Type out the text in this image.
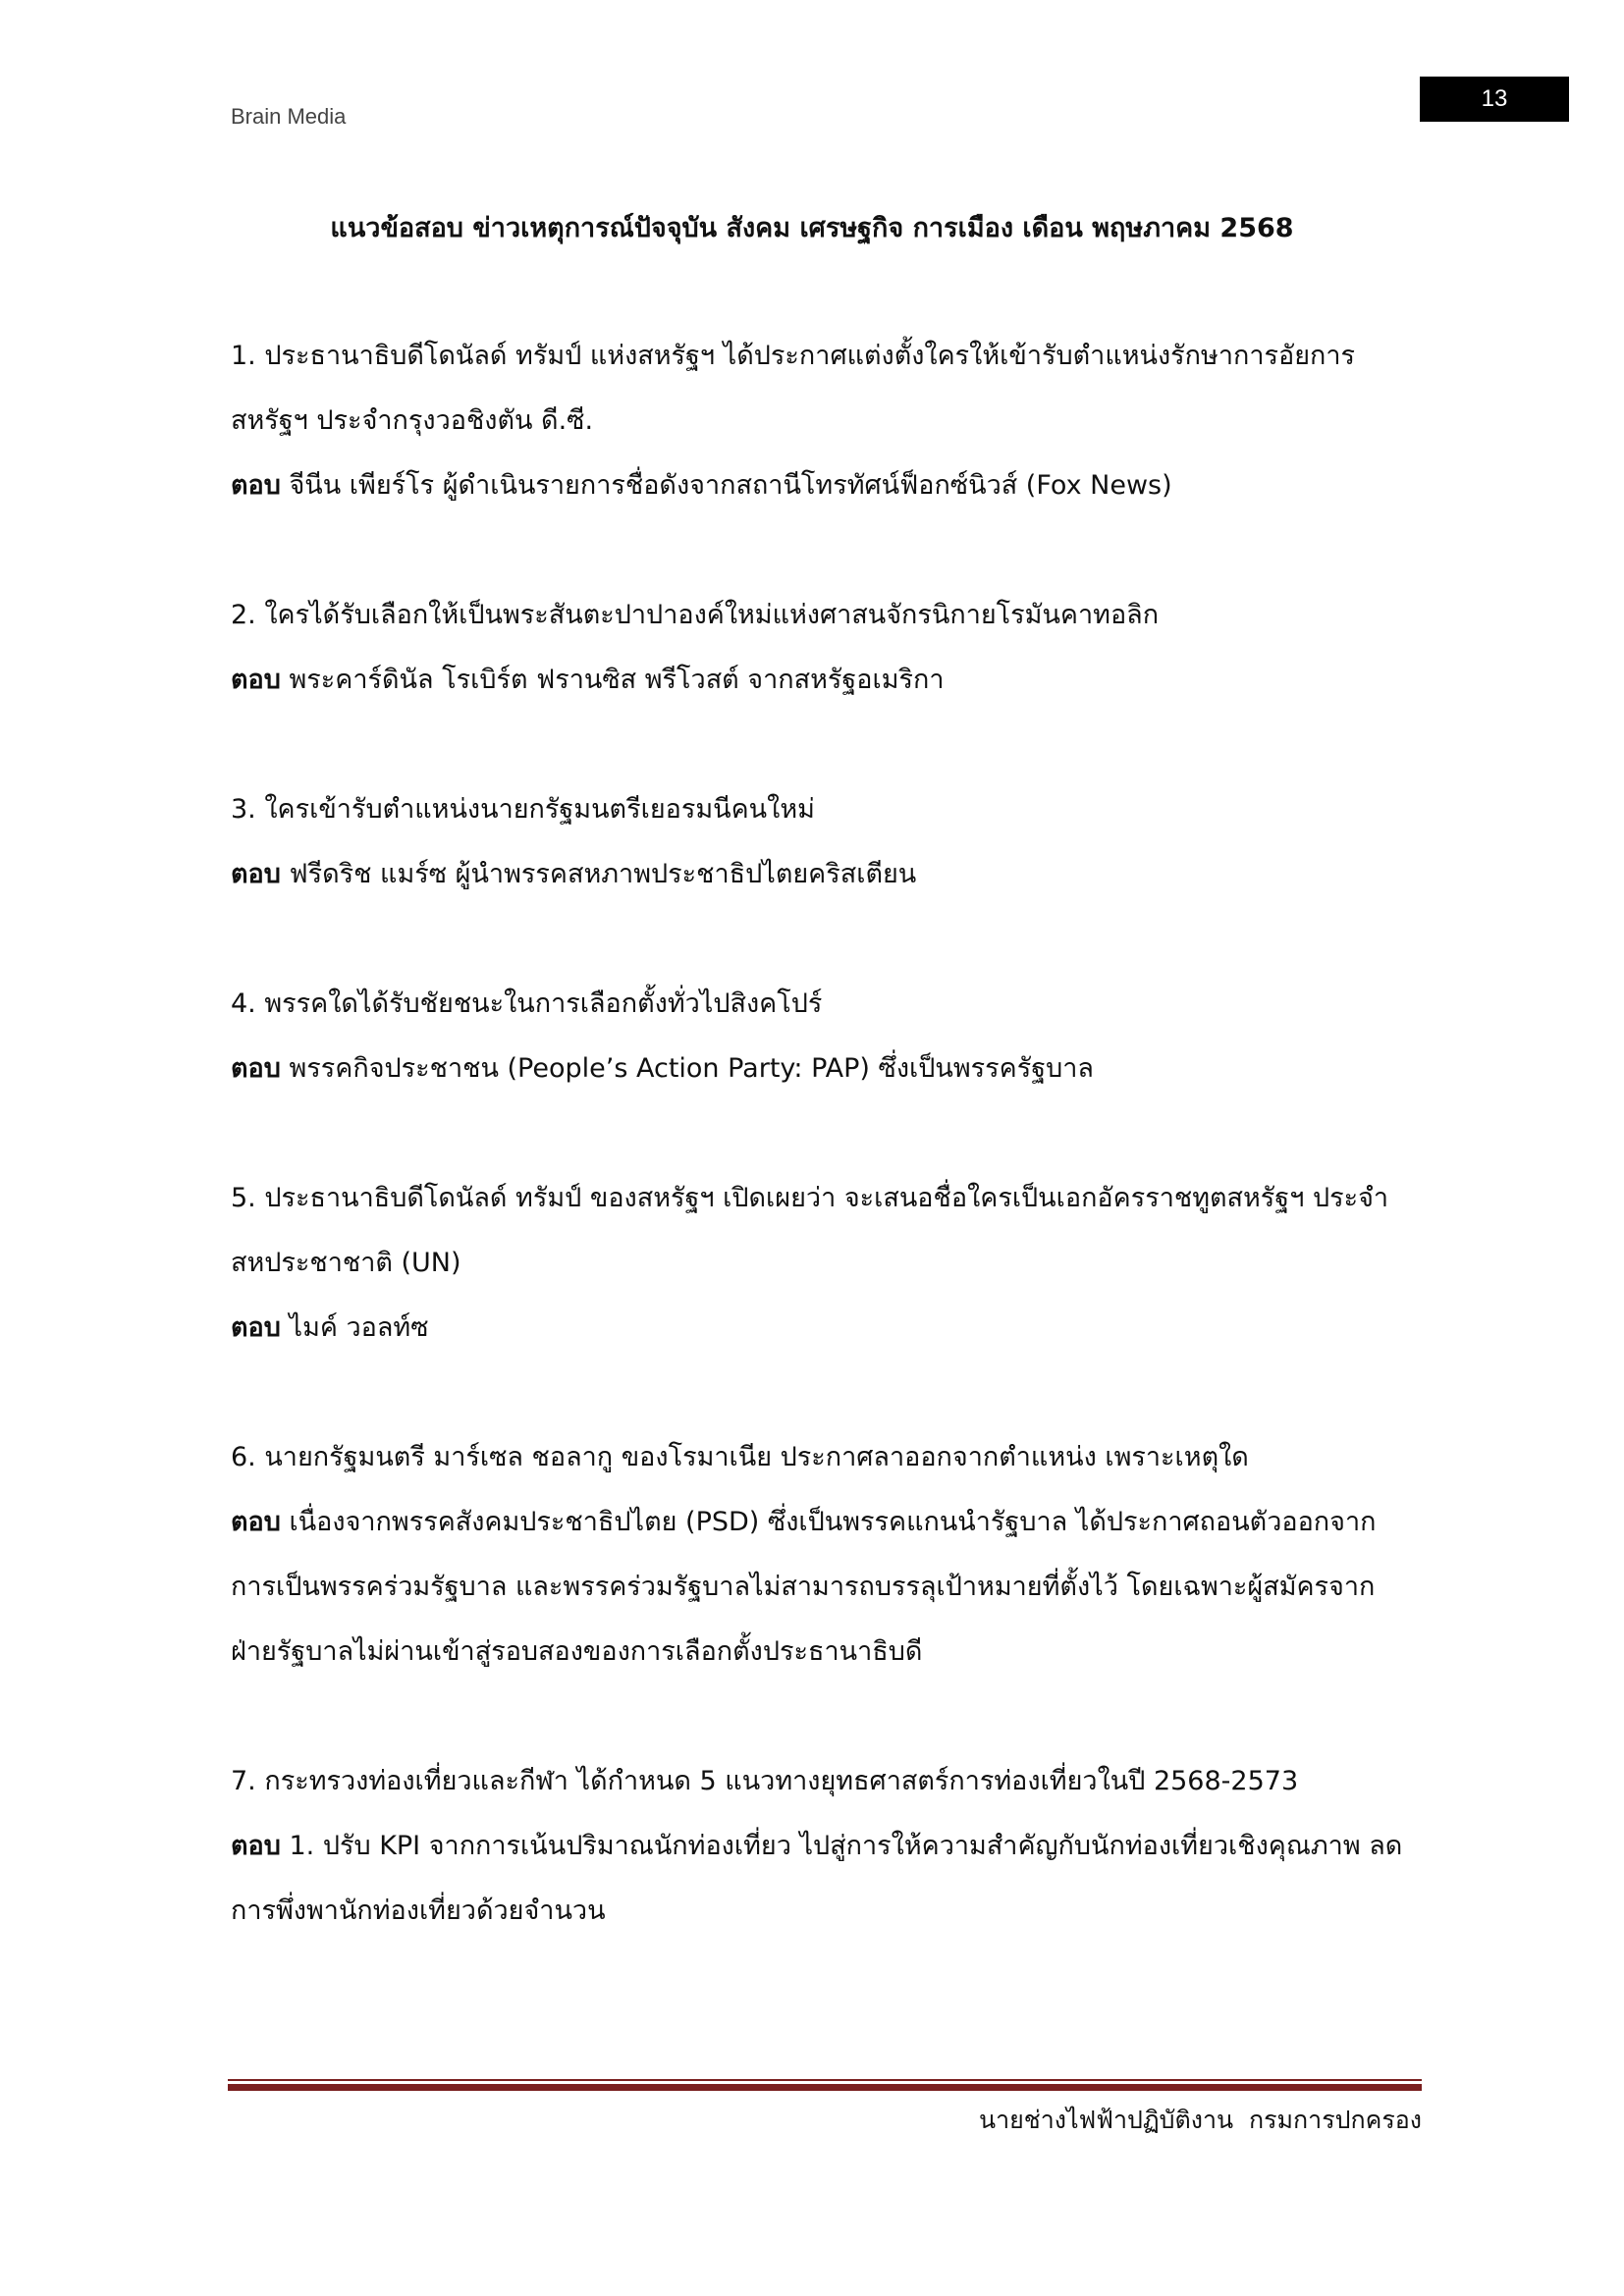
Brain Media
13
แนวข้อสอบ ข่าวเหตุการณ์ปัจจุบัน สังคม เศรษฐกิจ การเมือง เดือน พฤษภาคม 2568

1. ประธานาธิบดีโดนัลด์ ทรัมป์ แห่งสหรัฐฯ ได้ประกาศแต่งตั้งใครให้เข้ารับตำแหน่งรักษาการอัยการสหรัฐฯ ประจำกรุงวอชิงตัน ดี.ซี.

ตอบ จีนีน เพียร์โร ผู้ดำเนินรายการชื่อดังจากสถานีโทรทัศน์ฟ็อกซ์นิวส์ (Fox News)

2. ใครได้รับเลือกให้เป็นพระสันตะปาปาองค์ใหม่แห่งศาสนจักรนิกายโรมันคาทอลิก

ตอบ พระคาร์ดินัล โรเบิร์ต ฟรานซิส พรีโวสต์ จากสหรัฐอเมริกา

3. ใครเข้ารับตำแหน่งนายกรัฐมนตรีเยอรมนีคนใหม่

ตอบ ฟรีดริช แมร์ซ ผู้นำพรรคสหภาพประชาธิปไตยคริสเตียน

4. พรรคใดได้รับชัยชนะในการเลือกตั้งทั่วไปสิงคโปร์

ตอบ พรรคกิจประชาชน (People’s Action Party: PAP) ซึ่งเป็นพรรครัฐบาล

5. ประธานาธิบดีโดนัลด์ ทรัมป์ ของสหรัฐฯ เปิดเผยว่า จะเสนอชื่อใครเป็นเอกอัครราชทูตสหรัฐฯ ประจำสหประชาชาติ (UN)

ตอบ ไมค์ วอลท์ซ

6. นายกรัฐมนตรี มาร์เซล ชอลากู ของโรมาเนีย ประกาศลาออกจากตำแหน่ง เพราะเหตุใด

ตอบ เนื่องจากพรรคสังคมประชาธิปไตย (PSD) ซึ่งเป็นพรรคแกนนำรัฐบาล ได้ประกาศถอนตัวออกจากการเป็นพรรคร่วมรัฐบาล และพรรคร่วมรัฐบาลไม่สามารถบรรลุเป้าหมายที่ตั้งไว้ โดยเฉพาะผู้สมัครจากฝ่ายรัฐบาลไม่ผ่านเข้าสู่รอบสองของการเลือกตั้งประธานาธิบดี

7. กระทรวงท่องเที่ยวและกีฬา ได้กำหนด 5 แนวทางยุทธศาสตร์การท่องเที่ยวในปี 2568-2573

ตอบ 1. ปรับ KPI จากการเน้นปริมาณนักท่องเที่ยว ไปสู่การให้ความสำคัญกับนักท่องเที่ยวเชิงคุณภาพ ลดการพึ่งพานักท่องเที่ยวด้วยจำนวน

นายช่างไฟฟ้าปฏิบัติงาน  กรมการปกครอง
